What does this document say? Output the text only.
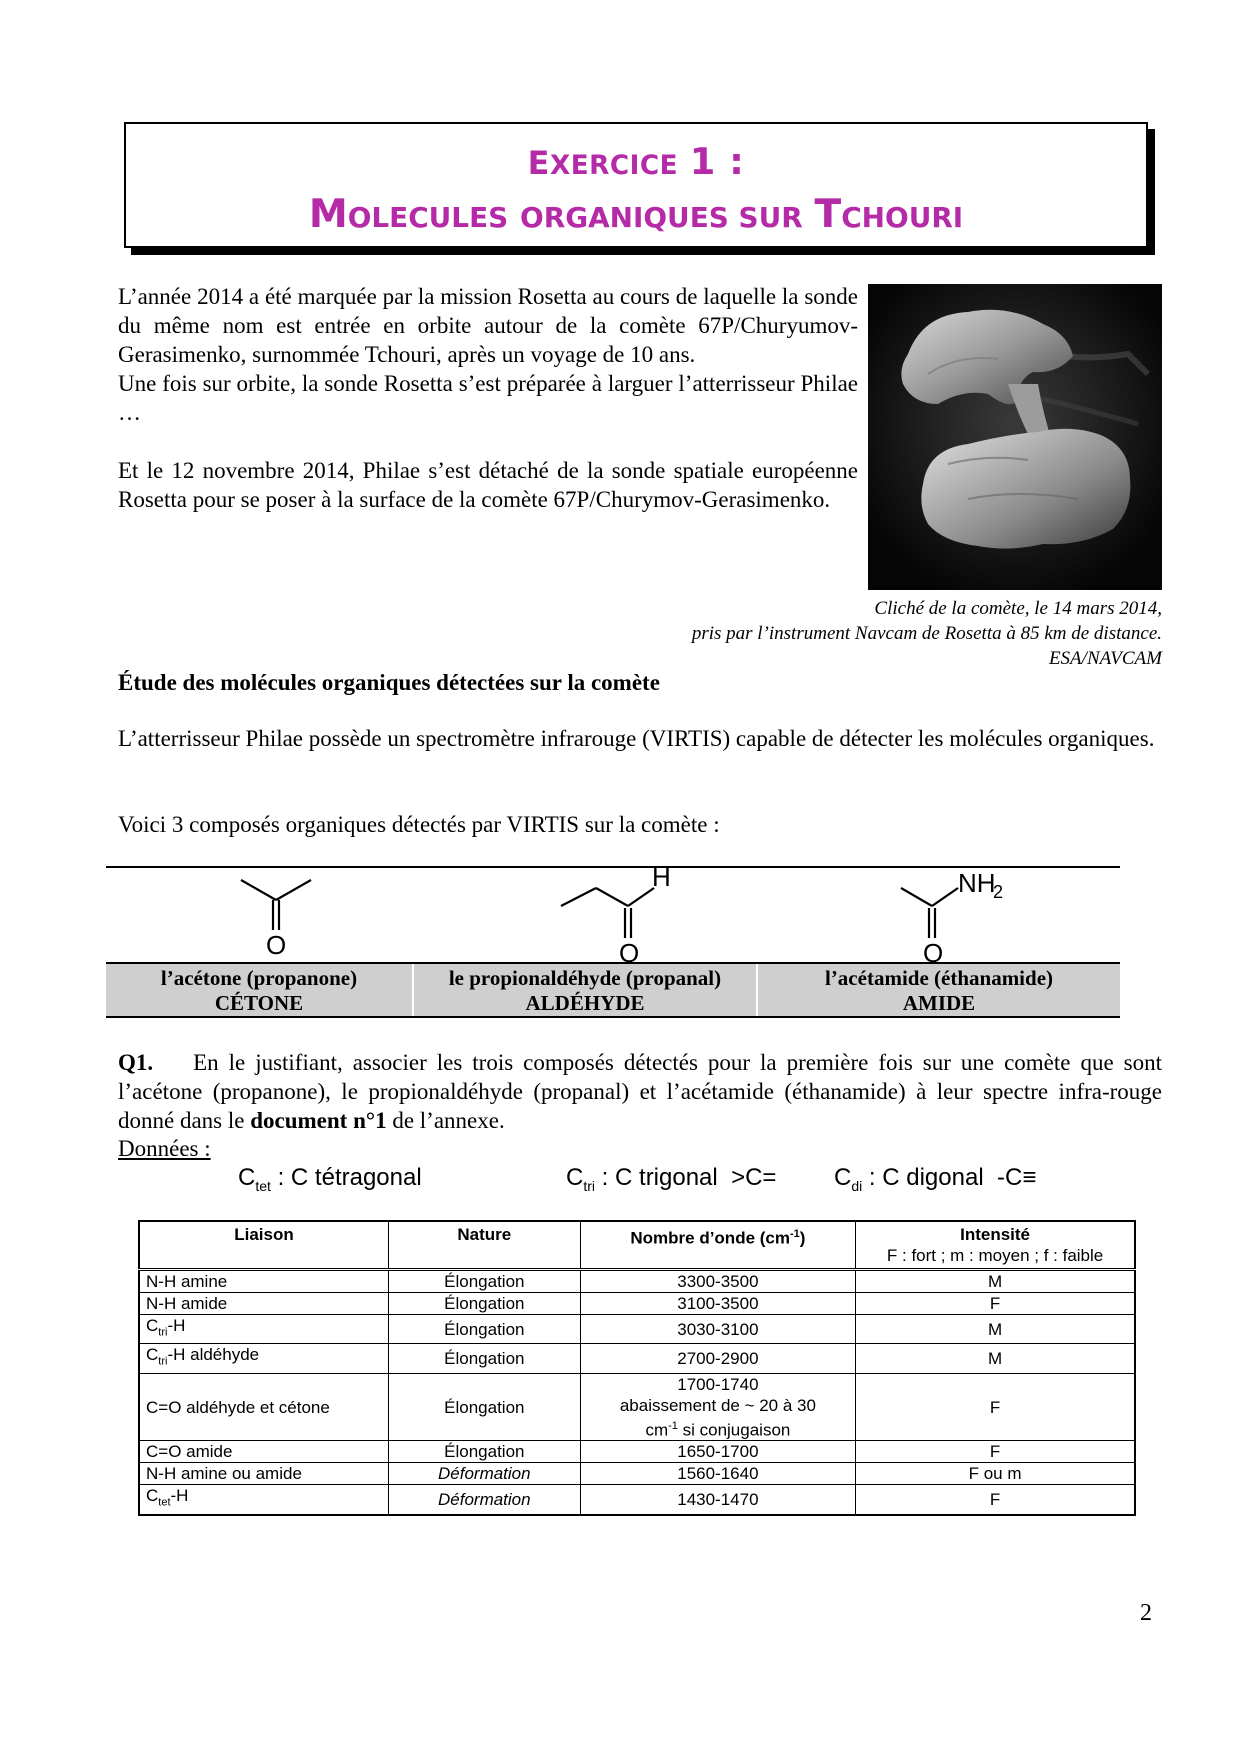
EXERCICE 1 :
MOLECULES ORGANIQUES SUR TCHOURI
L’année 2014 a été marquée par la mission Rosetta au cours de laquelle la sonde du même nom est entrée en orbite autour de la comète 67P/Churyumov-Gerasimenko, surnommée Tchouri, après un voyage de 10 ans.
Une fois sur orbite, la sonde Rosetta s’est préparée à larguer l’atterrisseur Philae …
Et le 12 novembre 2014, Philae s’est détaché de la sonde spatiale européenne Rosetta pour se poser à la surface de la comète 67P/Churymov-Gerasimenko.
Cliché de la comète, le 14 mars 2014,
pris par l’instrument Navcam de Rosetta à 85 km de distance.
ESA/NAVCAM
Étude des molécules organiques détectées sur la comète
L’atterrisseur Philae possède un spectromètre infrarouge (VIRTIS) capable de détecter les molécules organiques.
Voici 3 composés organiques détectés par VIRTIS sur la comète :
O	O
H
O
NH
2
l’acétone (propanone)
CÉTONE
le propionaldéhyde (propanal)
ALDÉHYDE
l’acétamide (éthanamide)
AMIDE
Q1. En le justifiant, associer les trois composés détectés pour la première fois sur une comète que sont l’acétone (propanone), le propionaldéhyde (propanal) et l’acétamide (éthanamide) à leur spectre infra-rouge donné dans le document n°1 de l’annexe.
Données :
$C_{tet}$ : C tétragonal	$C_{tri}$ : C trigonal  $>C= C_{di}$ : C digonal  -C≡
Liaison	Nature	Nombre d’onde $(cm^{-1})$	Intensité
F : fort ; m : moyen ; f : faible

N-H amine	Élongation	3300-3500	M
N-H amide	Élongation	3100-3500	F
$C_{tri}-H$	Élongation	3030-3100	M
$C_{tri}-H$ aldéhyde	Élongation	2700-2900	M
C=O aldéhyde et cétone	Élongation	1700-1740
abaissement de ~ 20 à 30
$cm^{-1}$ si conjugaison	F
C=O amide	Élongation	1650-1700	F
N-H amine ou amide	Déformation	1560-1640	F ou m
$C_{tet}-H$	Déformation	1430-1470	F
2
